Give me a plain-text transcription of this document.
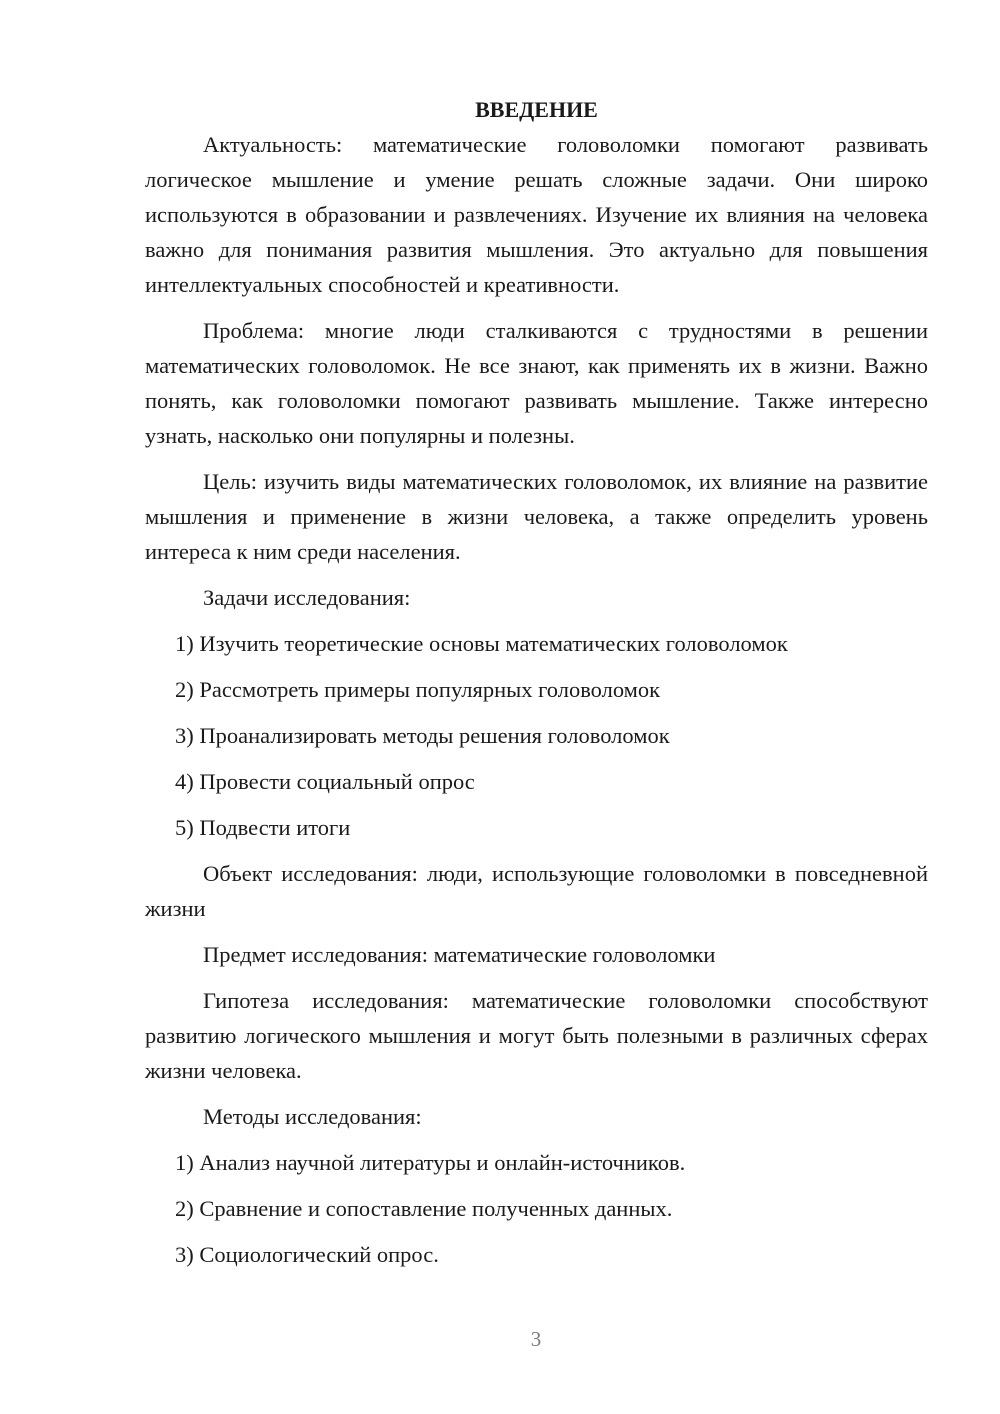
ВВЕДЕНИЕ

Актуальность: математические головоломки помогают развивать логическое мышление и умение решать сложные задачи. Они широко используются в образовании и развлечениях. Изучение их влияния на человека важно для понимания развития мышления. Это актуально для повышения интеллектуальных способностей и креативности.

Проблема: многие люди сталкиваются с трудностями в решении математических головоломок. Не все знают, как применять их в жизни. Важно понять, как головоломки помогают развивать мышление. Также интересно узнать, насколько они популярны и полезны.

Цель: изучить виды математических головоломок, их влияние на развитие мышления и применение в жизни человека, а также определить уровень интереса к ним среди населения.

Задачи исследования:

1) Изучить теоретические основы математических головоломок

2) Рассмотреть примеры популярных головоломок

3) Проанализировать методы решения головоломок

4) Провести социальный опрос

5) Подвести итоги

Объект исследования: люди, использующие головоломки в повседневной жизни

Предмет исследования: математические головоломки

Гипотеза исследования: математические головоломки способствуют развитию логического мышления и могут быть полезными в различных сферах жизни человека.

Методы исследования:

1) Анализ научной литературы и онлайн-источников.

2) Сравнение и сопоставление полученных данных.

3) Социологический опрос.

3
